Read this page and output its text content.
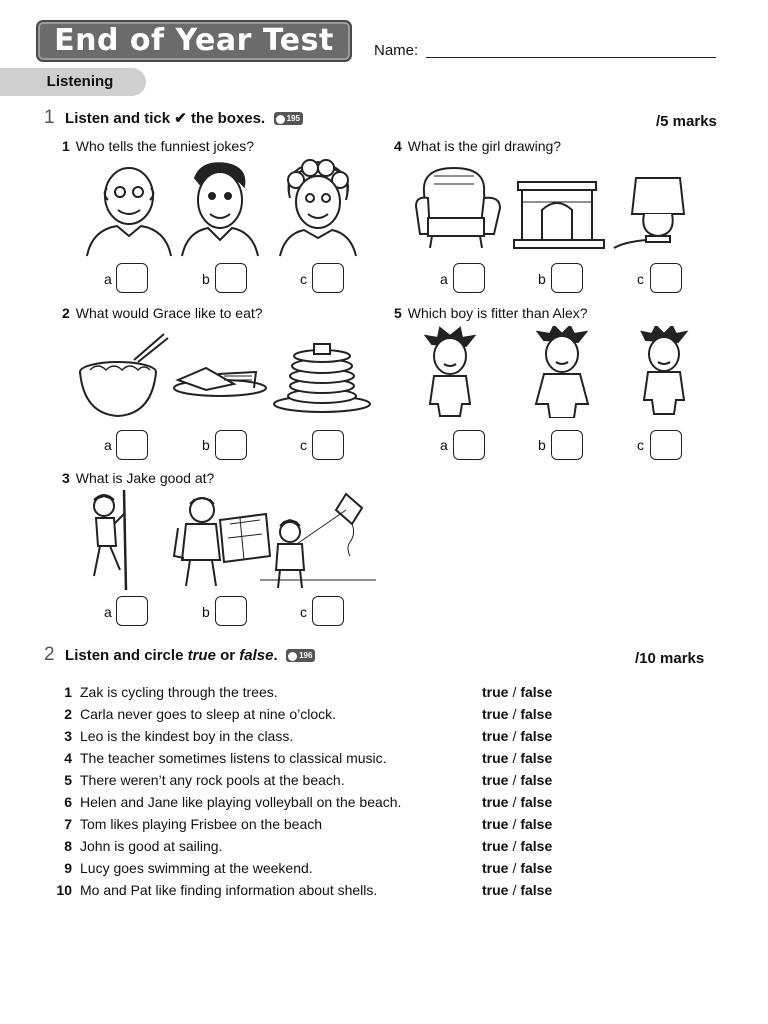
End of Year Test	Name:
Listening
1 Listen and tick ✔ the boxes.	195	/5 marks
1 Who tells the funniest jokes?
a	b	c
4 What is the girl drawing?
a	b	c
2 What would Grace like to eat?
a	b	c
5 Which boy is fitter than Alex?
a	b	c
3 What is Jake good at?
a	b	c
2 Listen and circle true or false.	196	/10 marks
1 Zak is cycling through the trees.	true / false
2 Carla never goes to sleep at nine o’clock.	true / false
3 Leo is the kindest boy in the class.	true / false
4 The teacher sometimes listens to classical music.	true / false
5 There weren’t any rock pools at the beach.	true / false
6 Helen and Jane like playing volleyball on the beach.	true / false
7 Tom likes playing Frisbee on the beach	true / false
8 John is good at sailing.	true / false
9 Lucy goes swimming at the weekend.	true / false
10 Mo and Pat like finding information about shells.	true / false
